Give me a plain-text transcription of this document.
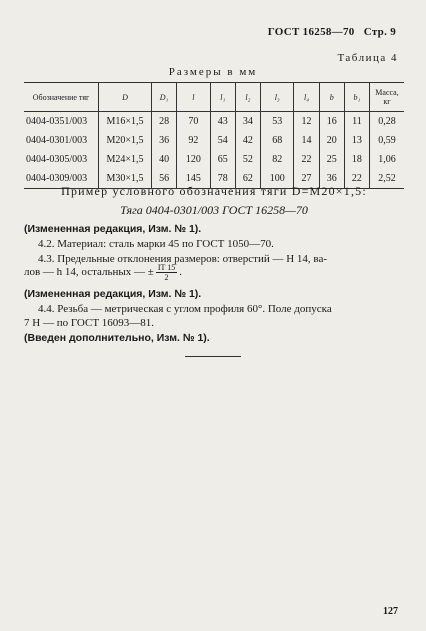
ГОСТ 16258—70 Стр. 9
Таблица 4
Размеры в мм
Обозначение тяг	D	D₁	l	l₁	l₂	l₃	l₄	b	b₁	Масса, кг
0404-0351/003	M16×1,5	28	70	43	34	53	12	16	11	0,28
0404-0301/003	M20×1,5	36	92	54	42	68	14	20	13	0,59
0404-0305/003	M24×1,5	40	120	65	52	82	22	25	18	1,06
0404-0309/003	M30×1,5	56	145	78	62	100	27	36	22	2,52
Пример условного обозначения тяги D=M20×1,5:
Тяга 0404-0301/003 ГОСТ 16258—70
(Измененная редакция, Изм. № 1).
4.2. Материал: сталь марки 45 по ГОСТ 1050—70.
4.3. Предельные отклонения размеров: отверстий — H 14, ва-
лов — h 14, остальных — ± $\frac{IT 15}{2}$ .
(Измененная редакция, Изм. № 1).
4.4. Резьба — метрическая с углом профиля 60°. Поле допуска
7 H — по ГОСТ 16093—81.
(Введен дополнительно, Изм. № 1).
127
